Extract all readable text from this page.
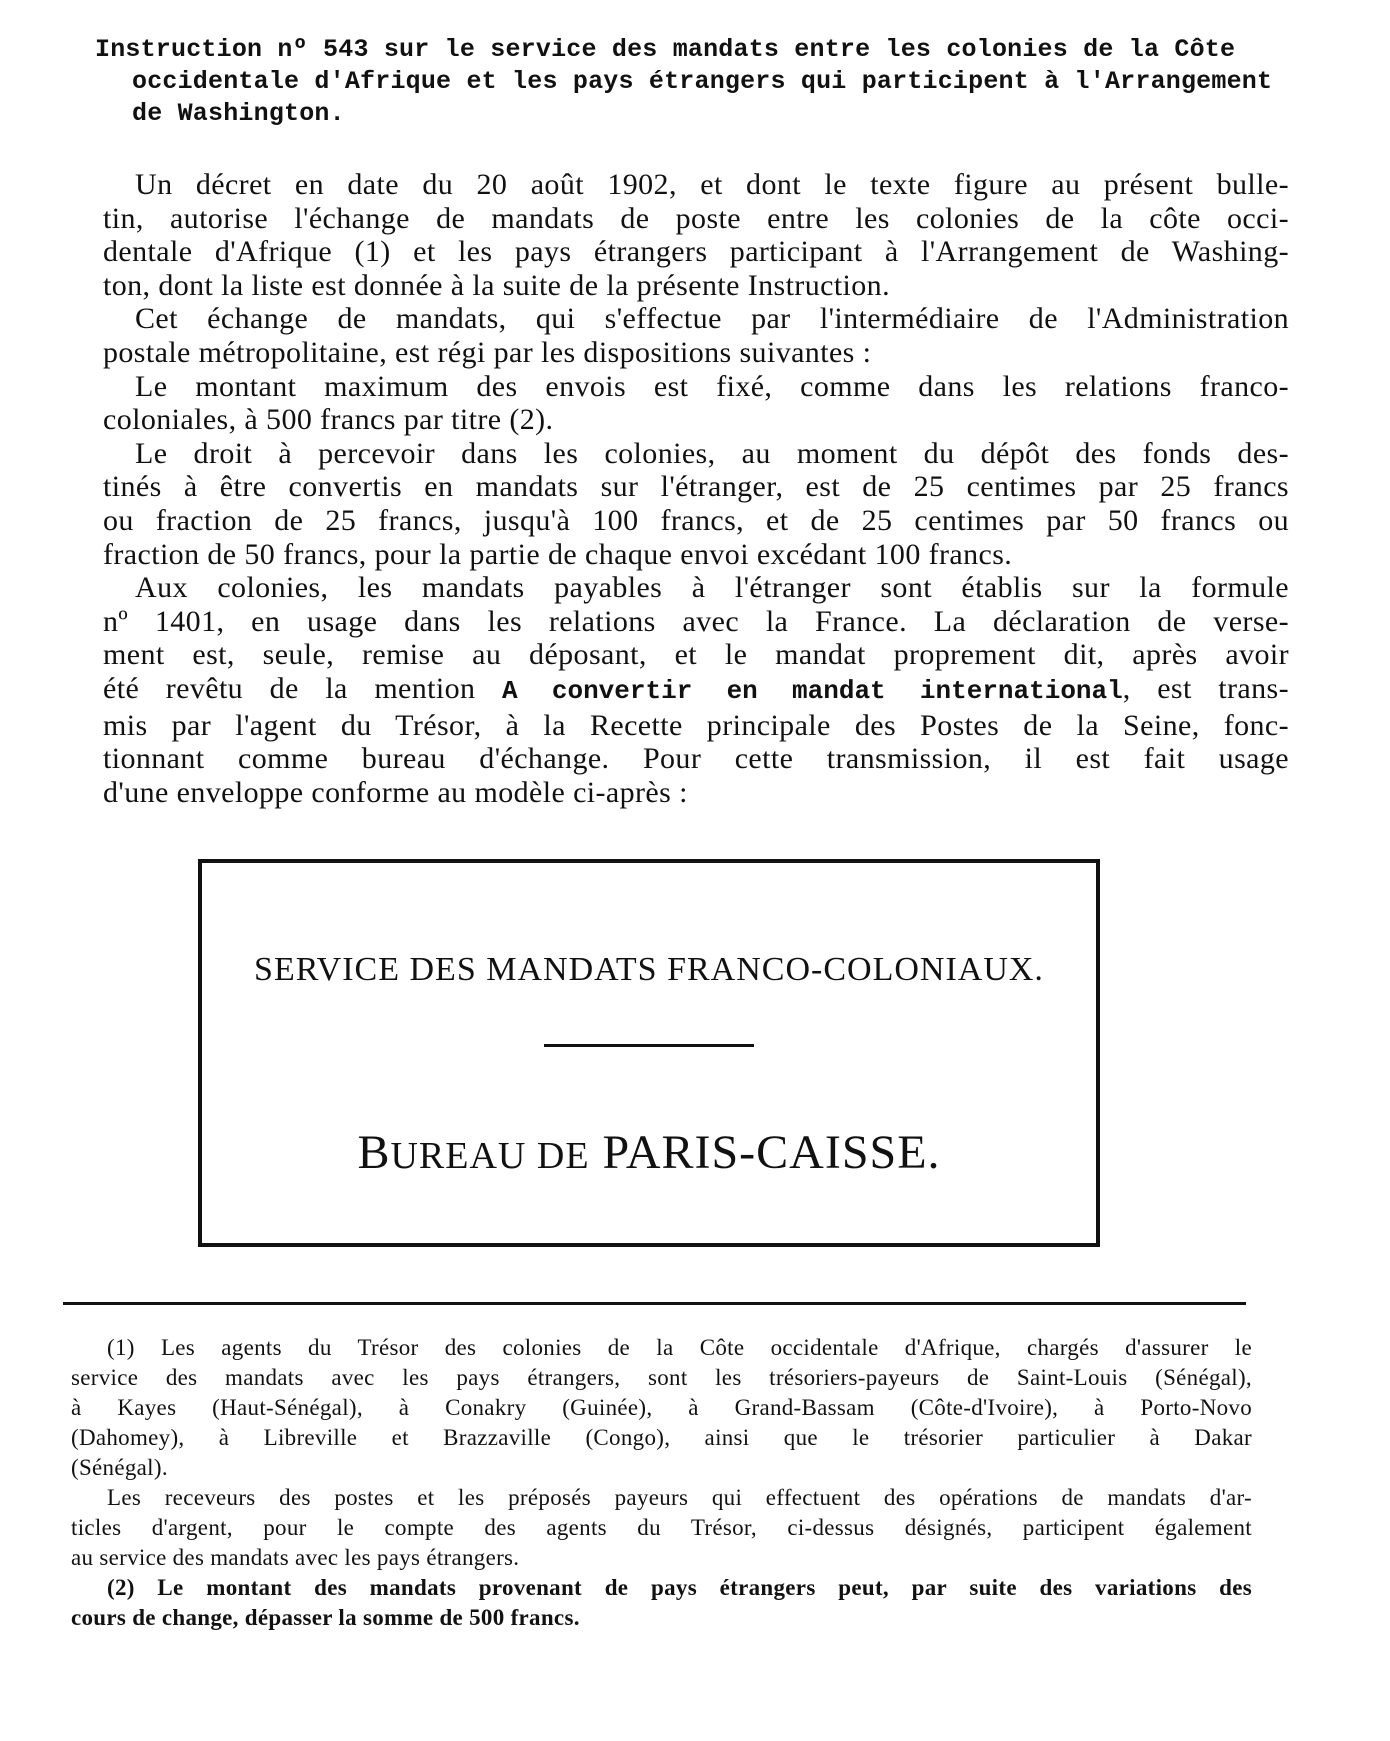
Instruction nº 543 sur le service des mandats entre les colonies de la Côte
occidentale d'Afrique et les pays étrangers qui participent à l'Arrangement
de Washington.
Un décret en date du 20 août 1902, et dont le texte figure au présent bulle-
tin, autorise l'échange de mandats de poste entre les colonies de la côte occi-
dentale d'Afrique (1) et les pays étrangers participant à l'Arrangement de Washing-
ton, dont la liste est donnée à la suite de la présente Instruction.
Cet échange de mandats, qui s'effectue par l'intermédiaire de l'Administration
postale métropolitaine, est régi par les dispositions suivantes :
Le montant maximum des envois est fixé, comme dans les relations franco-
coloniales, à 500 francs par titre (2).
Le droit à percevoir dans les colonies, au moment du dépôt des fonds des-
tinés à être convertis en mandats sur l'étranger, est de 25 centimes par 25 francs
ou fraction de 25 francs, jusqu'à 100 francs, et de 25 centimes par 50 francs ou
fraction de 50 francs, pour la partie de chaque envoi excédant 100 francs.
Aux colonies, les mandats payables à l'étranger sont établis sur la formule
nº 1401, en usage dans les relations avec la France. La déclaration de verse-
ment est, seule, remise au déposant, et le mandat proprement dit, après avoir
été revêtu de la mention A convertir en mandat international, est trans-
mis par l'agent du Trésor, à la Recette principale des Postes de la Seine, fonc-
tionnant comme bureau d'échange. Pour cette transmission, il est fait usage
d'une enveloppe conforme au modèle ci-après :
SERVICE DES MANDATS FRANCO-COLONIAUX.
BUREAU DE PARIS-CAISSE.
(1) Les agents du Trésor des colonies de la Côte occidentale d'Afrique, chargés d'assurer le
service des mandats avec les pays étrangers, sont les trésoriers-payeurs de Saint-Louis (Sénégal),
à Kayes (Haut-Sénégal), à Conakry (Guinée), à Grand-Bassam (Côte-d'Ivoire), à Porto-Novo
(Dahomey), à Libreville et Brazzaville (Congo), ainsi que le trésorier particulier à Dakar
(Sénégal).
Les receveurs des postes et les préposés payeurs qui effectuent des opérations de mandats d'ar-
ticles d'argent, pour le compte des agents du Trésor, ci-dessus désignés, participent également
au service des mandats avec les pays étrangers.
(2) Le montant des mandats provenant de pays étrangers peut, par suite des variations des
cours de change, dépasser la somme de 500 francs.
